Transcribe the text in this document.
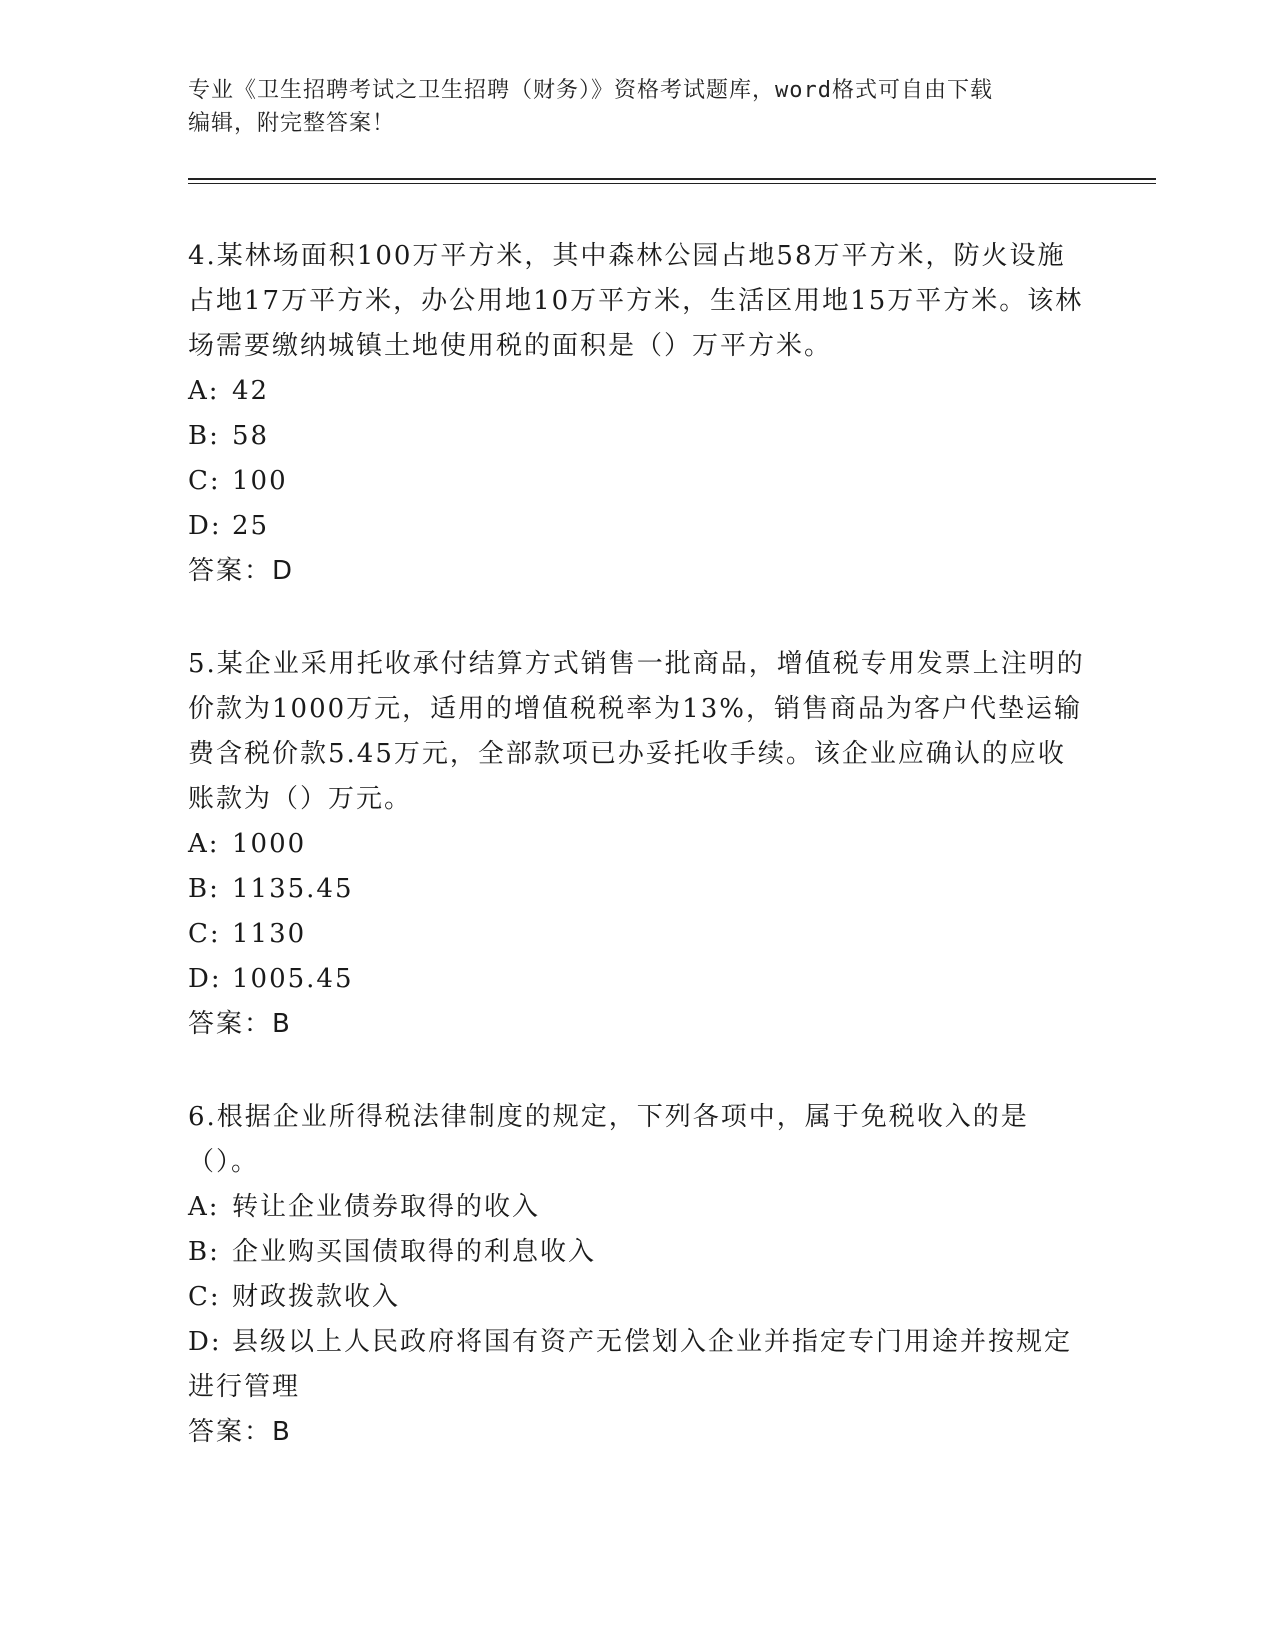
专业《卫生招聘考试之卫生招聘（财务）》资格考试题库，word格式可自由下载
编辑，附完整答案！

4.某林场面积100万平方米，其中森林公园占地58万平方米，防火设施占地17万平方米，办公用地10万平方米，生活区用地15万平方米。该林场需要缴纳城镇土地使用税的面积是（）万平方米。

A: 42

B: 58

C: 100

D: 25

答案：D

5.某企业采用托收承付结算方式销售一批商品，增值税专用发票上注明的价款为1000万元，适用的增值税税率为13%，销售商品为客户代垫运输费含税价款5.45万元，全部款项已办妥托收手续。该企业应确认的应收账款为（）万元。

A: 1000

B: 1135.45

C: 1130

D: 1005.45

答案：B

6.根据企业所得税法律制度的规定，下列各项中，属于免税收入的是（）。

A: 转让企业债券取得的收入

B: 企业购买国债取得的利息收入

C: 财政拨款收入

D: 县级以上人民政府将国有资产无偿划入企业并指定专门用途并按规定进行管理

答案：B
